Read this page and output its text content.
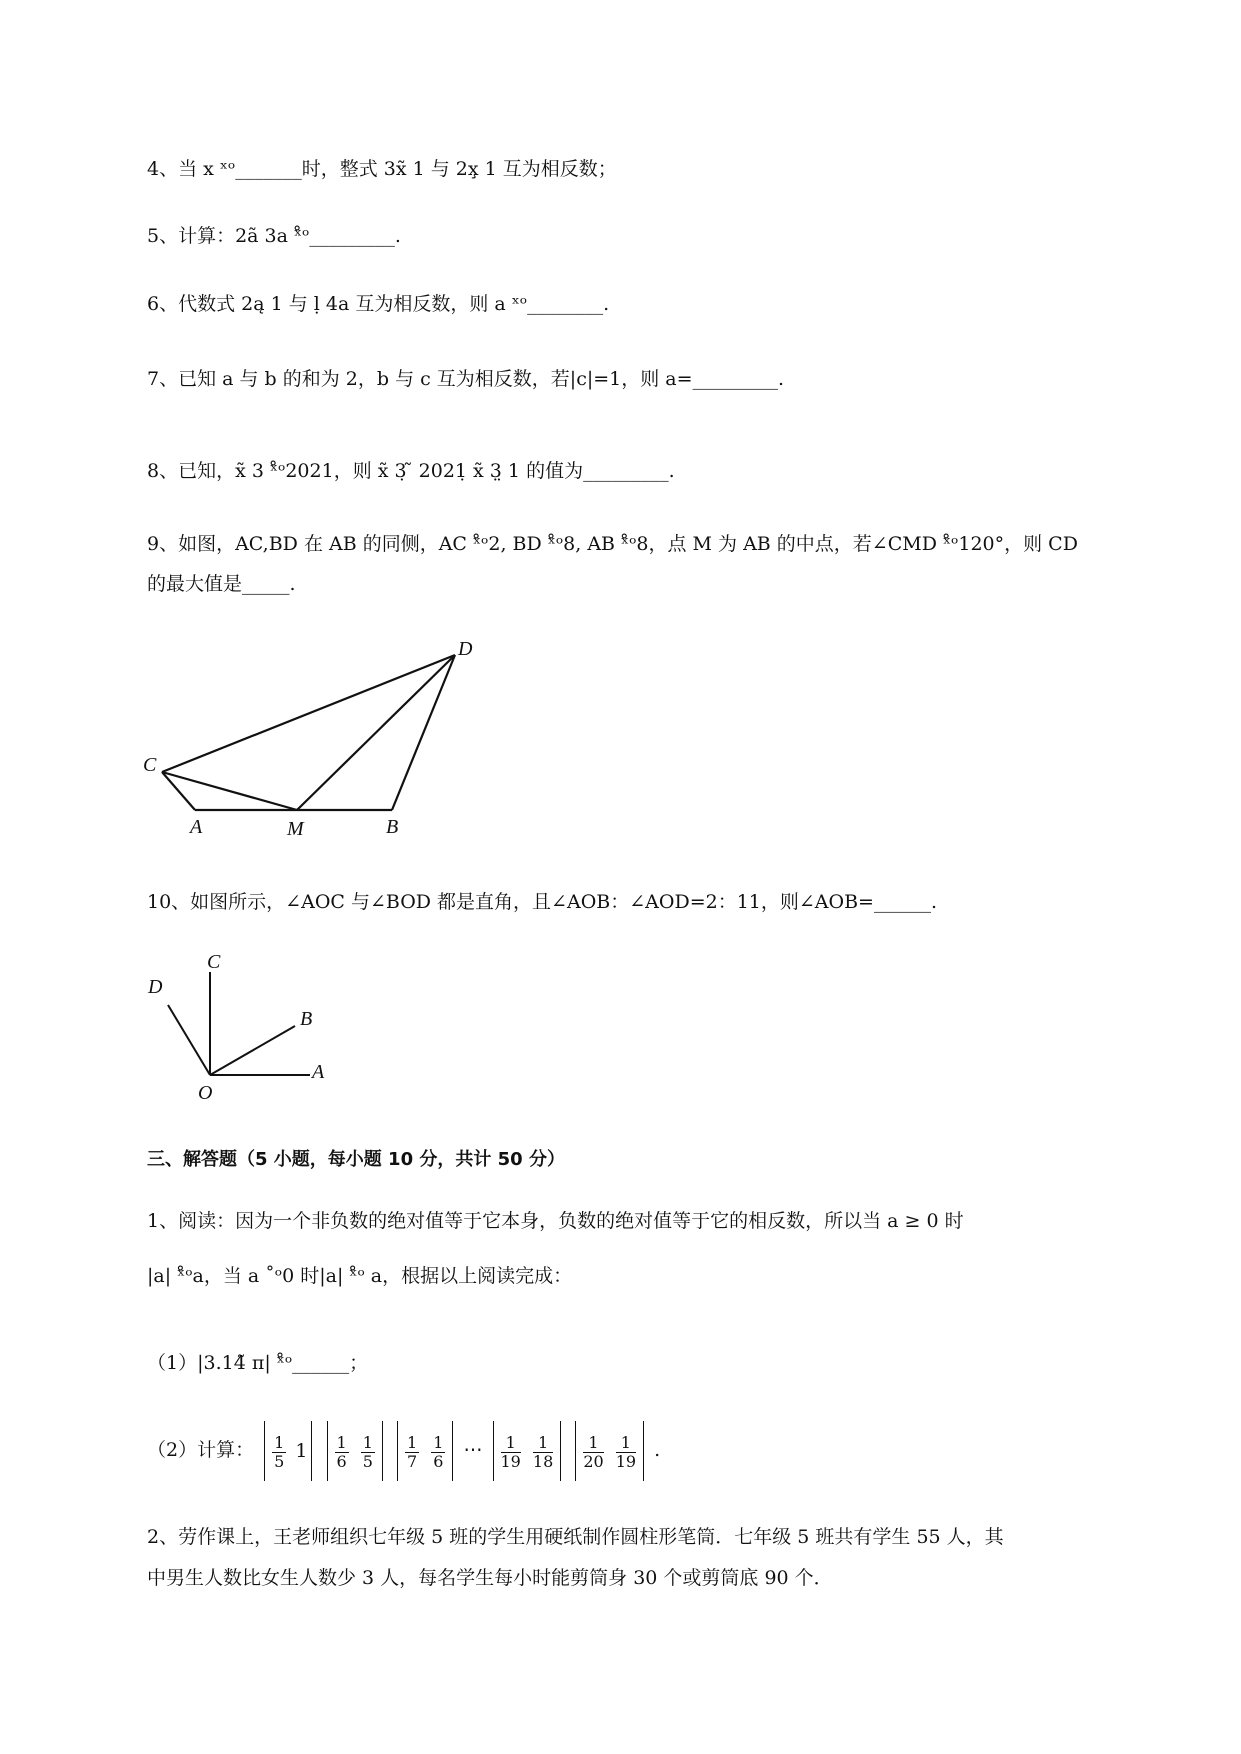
4、当 x ˣᵒ_______时，整式 3x̃ 1 与 2x̧ 1 互为相反数；
5、计算：2ã 3a ˣ̊ᵒ_________.
6、代数式 2ą 1 与 ḷ 4a 互为相反数，则 a ˣᵒ________.
7、已知 a 与 b 的和为 2，b 与 c 互为相反数，若|c|=1，则 a=_________.
8、已知，x̃ 3 ˣ̊ᵒ2021，则 x̃ 3̣ ̃ 2021̣ x̃ 3̤ 1 的值为_________.
9、如图，AC,BD 在 AB 的同侧，AC ˣ̊ᵒ2, BD ˣ̊ᵒ8, AB ˣ̊ᵒ8，点 M 为 AB 的中点，若∠CMD ˣ̊ᵒ120°，则 CD
的最大值是_____.
C
A	M	B
D
10、如图所示，∠AOC 与∠BOD 都是直角，且∠AOB：∠AOD=2：11，则∠AOB=______.
D
C
B
A
O
三、解答题（5 小题，每小题 10 分，共计 50 分）
1、阅读：因为一个非负数的绝对值等于它本身，负数的绝对值等于它的相反数，所以当 a ≥ 0 时
|a| ˣ̊ᵒa，当 a ˚ᵒ0 时|a| ˣ̊ᵒ a，根据以上阅读完成：
（1）|3.14̃ π| ˣ̊ᵒ______；
（2）计算： $\frac{1}{5} 1 \frac{1}{6}$
$\frac{1}{5}$
$\frac{1}{7}$
$\frac{1}{6}$ ⋯ $\frac{1}{19}$
$\frac{1}{18}$
$\frac{1}{20}$
$\frac{1}{19}$ .
2、劳作课上，王老师组织七年级 5 班的学生用硬纸制作圆柱形笔筒．七年级 5 班共有学生 55 人，其
中男生人数比女生人数少 3 人，每名学生每小时能剪筒身 30 个或剪筒底 90 个．
